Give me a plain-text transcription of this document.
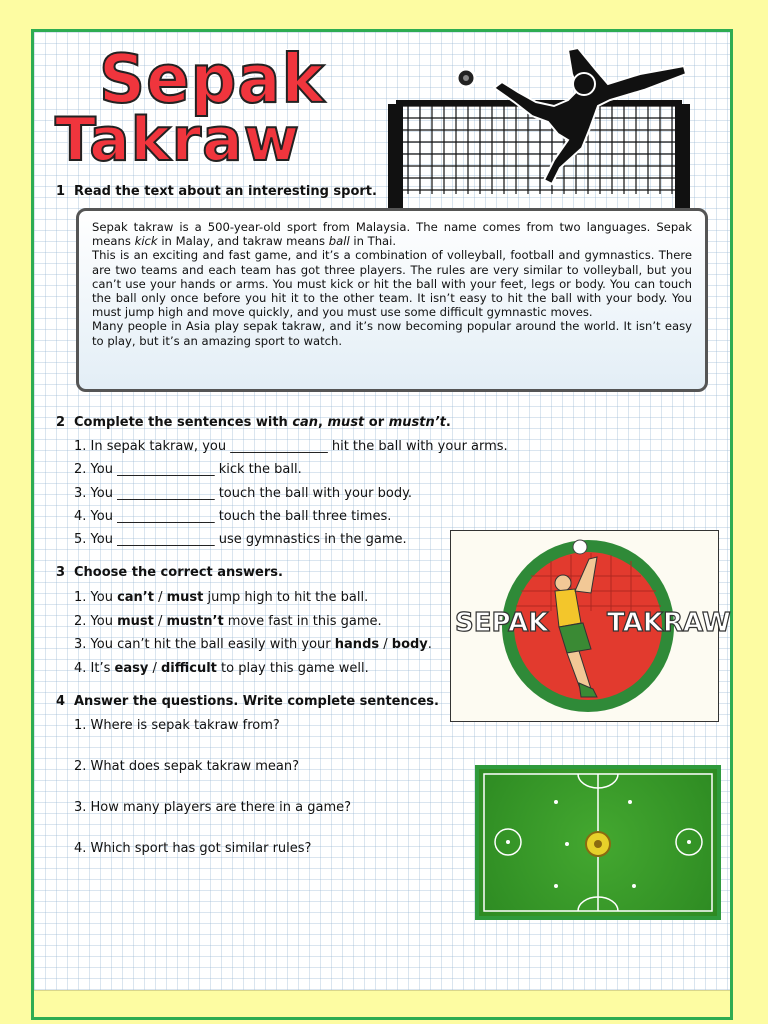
Sepak
Takraw
1 Read the text about an interesting sport.

Sepak takraw is a 500-year-old sport from Malaysia. The name comes from two languages. Sepak means kick in Malay, and takraw means ball in Thai.

This is an exciting and fast game, and it’s a combination of volleyball, football and gymnastics. There are two teams and each team has got three players. The rules are very similar to volleyball, but you can’t use your hands or arms. You must kick or hit the ball with your feet, legs or body. You can touch the ball only once before you hit it to the other team. It isn’t easy to hit the ball with your body. You must jump high and move quickly, and you must use some difficult gymnastic moves.

Many people in Asia play sepak takraw, and it’s now becoming popular around the world. It isn’t easy to play, but it’s an amazing sport to watch.

2 Complete the sentences with can, must or mustn’t.
1. In sepak takraw, you _______________ hit the ball with your arms.
2. You _______________ kick the ball.
3. You _______________ touch the ball with your body.
4. You _______________ touch the ball three times.
5. You _______________ use gymnastics in the game.
3 Choose the correct answers.
1. You can’t / must jump high to hit the ball.
2. You must / mustn’t move fast in this game.
3. You can’t hit the ball easily with your hands / body.
4. It’s easy / difficult to play this game well.
4 Answer the questions. Write complete sentences.
1. Where is sepak takraw from?
2. What does sepak takraw mean?
3. How many players are there in a game?
4. Which sport has got similar rules?
SEPAK TAKRAW
